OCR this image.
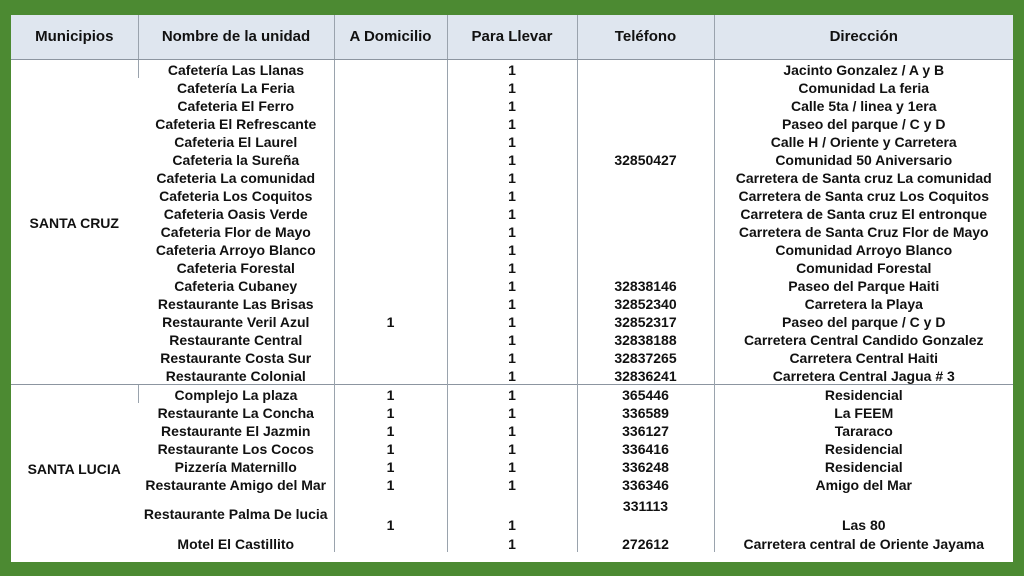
Municipios	Nombre de la unidad	A Domicilio	Para Llevar	Teléfono	Dirección
SANTA CRUZ	Cafetería Las Llanas		1		Jacinto Gonzalez / A y B
	Cafetería La Feria		1		Comunidad La feria
	Cafeteria El Ferro		1		Calle 5ta / linea y 1era
	Cafeteria El Refrescante		1		Paseo del parque / C y D
	Cafeteria El Laurel		1		Calle H / Oriente y Carretera
	Cafeteria la Sureña		1	32850427	Comunidad 50 Aniversario
	Cafeteria La comunidad		1		Carretera de Santa cruz La comunidad
	Cafeteria Los Coquitos		1		Carretera de Santa cruz Los Coquitos
	Cafeteria Oasis Verde		1		Carretera de Santa cruz El entronque
	Cafeteria Flor de Mayo		1		Carretera de Santa Cruz Flor de Mayo
	Cafeteria Arroyo Blanco		1		Comunidad Arroyo Blanco
	Cafeteria Forestal		1		Comunidad Forestal
	Cafeteria Cubaney		1	32838146	Paseo del Parque Haiti
	Restaurante Las Brisas		1	32852340	Carretera la Playa
	Restaurante Veril Azul	1	1	32852317	Paseo del parque / C y D
	Restaurante Central		1	32838188	Carretera Central Candido Gonzalez
	Restaurante Costa Sur		1	32837265	Carretera Central Haiti
	Restaurante Colonial		1	32836241	Carretera Central Jagua # 3
SANTA LUCIA	Complejo La plaza	1	1	365446	Residencial
	Restaurante La Concha	1	1	336589	La FEEM
	Restaurante El Jazmin	1	1	336127	Tararaco
	Restaurante Los Cocos	1	1	336416	Residencial
	Pizzería Maternillo	1	1	336248	Residencial
	Restaurante Amigo del Mar	1	1	336346	Amigo del Mar
	Restaurante Palma De lucia	1	1	331113	Las 80
	Motel El Castillito		1	272612	Carretera central de Oriente Jayama
